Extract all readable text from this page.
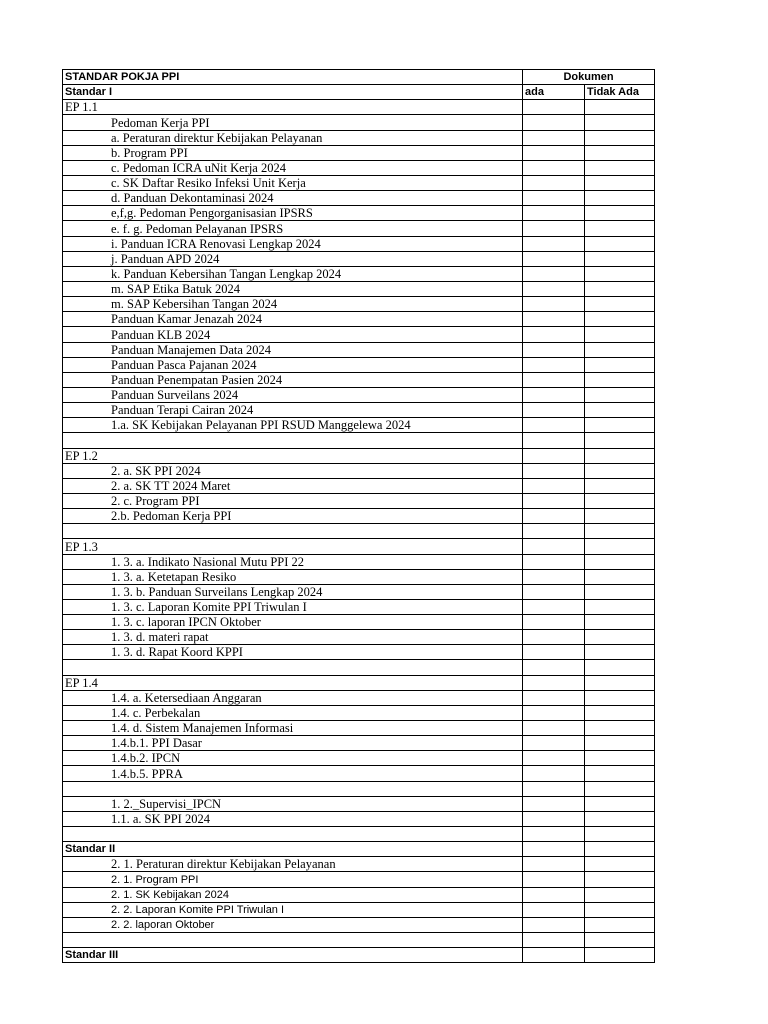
STANDAR POKJA PPI	Dokumen	
Standar I	ada	Tidak Ada
EP 1.1		
Pedoman Kerja PPI		
a. Peraturan direktur Kebijakan Pelayanan		
b. Program PPI		
c. Pedoman ICRA uNit Kerja 2024		
c. SK Daftar Resiko Infeksi Unit Kerja		
d. Panduan Dekontaminasi 2024		
e,f,g. Pedoman Pengorganisasian IPSRS		
e. f. g. Pedoman Pelayanan IPSRS		
i. Panduan ICRA Renovasi Lengkap 2024		
j. Panduan APD 2024		
k. Panduan Kebersihan Tangan Lengkap 2024		
m. SAP Etika Batuk 2024		
m. SAP Kebersihan Tangan 2024		
Panduan Kamar Jenazah 2024		
Panduan KLB 2024		
Panduan Manajemen Data 2024		
Panduan Pasca Pajanan 2024		
Panduan Penempatan Pasien 2024		
Panduan Surveilans 2024		
Panduan Terapi Cairan 2024		
1.a. SK Kebijakan Pelayanan PPI RSUD Manggelewa 2024		

EP 1.2		
2. a. SK PPI 2024		
2. a. SK TT 2024 Maret		
2. c. Program PPI		
2.b. Pedoman Kerja PPI		

EP 1.3		
1. 3. a. Indikato Nasional Mutu PPI 22		
1. 3. a. Ketetapan Resiko		
1. 3. b. Panduan Surveilans Lengkap 2024		
1. 3. c. Laporan Komite PPI Triwulan I		
1. 3. c. laporan IPCN Oktober		
1. 3. d. materi rapat		
1. 3. d. Rapat Koord KPPI		

EP 1.4		
1.4. a. Ketersediaan Anggaran		
1.4. c. Perbekalan		
1.4. d. Sistem Manajemen Informasi		
1.4.b.1. PPI Dasar		
1.4.b.2. IPCN		
1.4.b.5. PPRA		

1. 2._Supervisi_IPCN		
1.1. a. SK PPI 2024		

Standar II		
2. 1. Peraturan direktur Kebijakan Pelayanan		
2. 1. Program PPI		
2. 1. SK Kebijakan 2024		
2. 2. Laporan Komite PPI Triwulan I		
2. 2. laporan Oktober		

Standar III		
